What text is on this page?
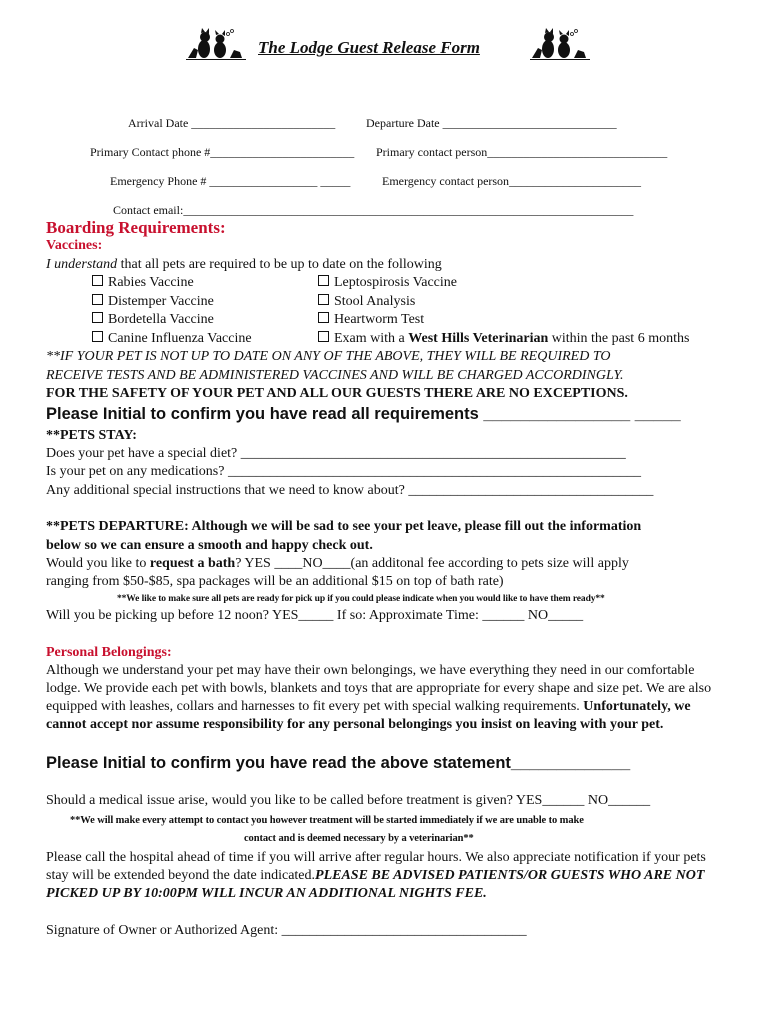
The Lodge Guest Release Form
Arrival Date ________________________	Departure Date _____________________________
Primary Contact phone #________________________ Primary contact person______________________________
Emergency Phone # __________________ _____	Emergency contact person______________________
Contact email:___________________________________________________________________________
Boarding Requirements:
Vaccines:
I understand that all pets are required to be up to date on the following
Rabies Vaccine
Distemper Vaccine
Bordetella Vaccine
Canine Influenza Vaccine
Leptospirosis Vaccine
Stool Analysis
Heartworm Test
Exam with a West Hills Veterinarian within the past 6 months
**IF YOUR PET IS NOT UP TO DATE ON ANY OF THE ABOVE, THEY WILL BE REQUIRED TO
RECEIVE TESTS AND BE ADMINISTERED VACCINES AND WILL BE CHARGED ACCORDINGLY.
FOR THE SAFETY OF YOUR PET AND ALL OUR GUESTS THERE ARE NO EXCEPTIONS.
Please Initial to confirm you have read all requirements ________________ _____
**PETS STAY:
Does your pet have a special diet? _______________________________________________________
Is your pet on any medications? ___________________________________________________________
Any additional special instructions that we need to know about? ___________________________________
**PETS DEPARTURE: Although we will be sad to see your pet leave, please fill out the information
below so we can ensure a smooth and happy check out.
Would you like to request a bath? YES ____NO____(an additonal fee according to pets size will apply
ranging from $50-$85, spa packages will be an additional $15 on top of bath rate)
**We like to make sure all pets are ready for pick up if you could please indicate when you would like to have them ready**
Will you be picking up before 12 noon? YES_____ If so: Approximate Time: ______ NO_____
Personal Belongings:
Although we understand your pet may have their own belongings, we have everything they need in our comfortable lodge. We provide each pet with bowls, blankets and toys that are appropriate for every shape and size pet. We are also equipped with leashes, collars and harnesses to fit every pet with special walking requirements. Unfortunately, we cannot accept nor assume responsibility for any personal belongings you insist on leaving with your pet.
Please Initial to confirm you have read the above statement_____________
Should a medical issue arise, would you like to be called before treatment is given? YES______ NO______
**We will make every attempt to contact you however treatment will be started immediately if we are unable to make
contact and is deemed necessary by a veterinarian**
Please call the hospital ahead of time if you will arrive after regular hours. We also appreciate notification if your pets stay will be extended beyond the date indicated.PLEASE BE ADVISED PATIENTS/OR GUESTS WHO ARE NOT PICKED UP BY 10:00PM WILL INCUR AN ADDITIONAL NIGHTS FEE.
Signature of Owner or Authorized Agent: ___________________________________
